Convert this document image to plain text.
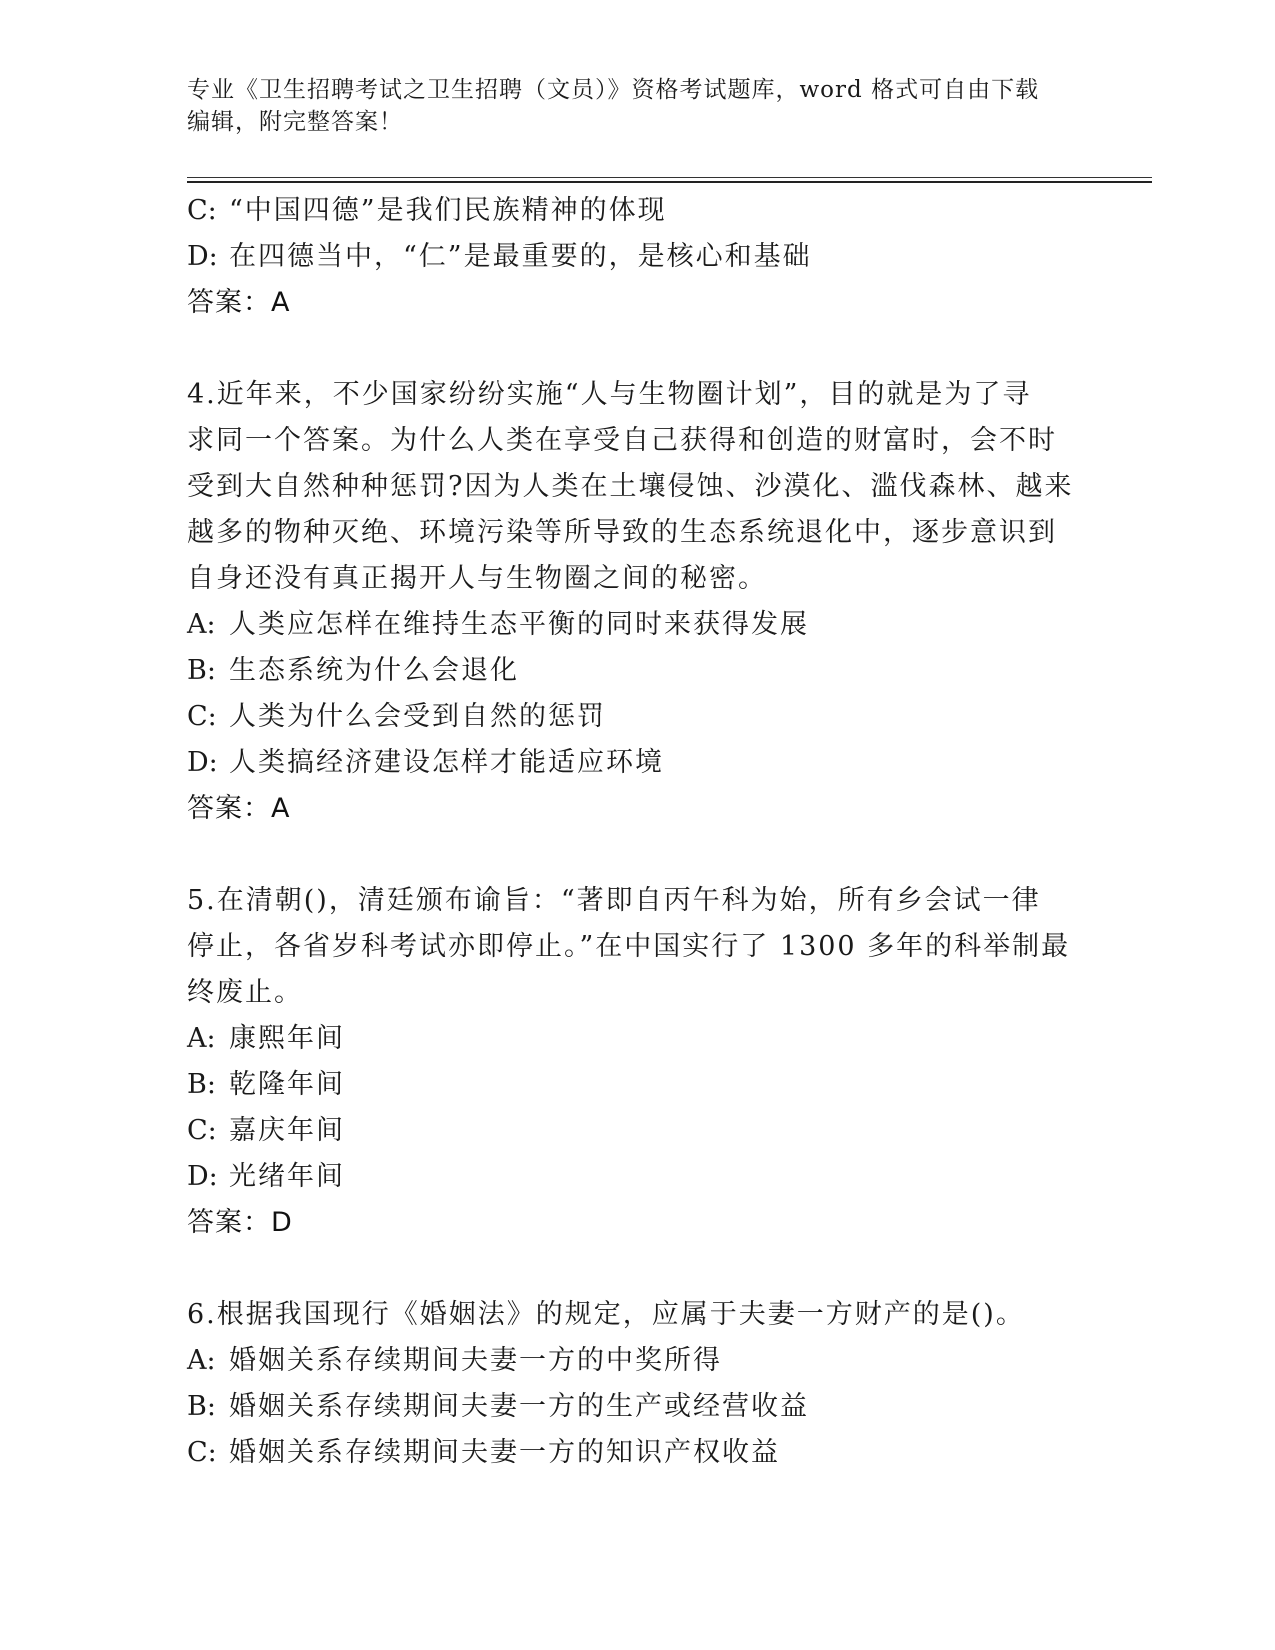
专业《卫生招聘考试之卫生招聘（文员）》资格考试题库，word 格式可自由下载
编辑，附完整答案！
C: “中国四德”是我们民族精神的体现
D: 在四德当中，“仁”是最重要的，是核心和基础
答案：A
4.近年来，不少国家纷纷实施“人与生物圈计划”，目的就是为了寻
求同一个答案。为什么人类在享受自己获得和创造的财富时，会不时
受到大自然种种惩罚?因为人类在土壤侵蚀、沙漠化、滥伐森林、越来
越多的物种灭绝、环境污染等所导致的生态系统退化中，逐步意识到
自身还没有真正揭开人与生物圈之间的秘密。
A: 人类应怎样在维持生态平衡的同时来获得发展
B: 生态系统为什么会退化
C: 人类为什么会受到自然的惩罚
D: 人类搞经济建设怎样才能适应环境
答案：A
5.在清朝()，清廷颁布谕旨：“著即自丙午科为始，所有乡会试一律
停止，各省岁科考试亦即停止。”在中国实行了 1300 多年的科举制最
终废止。
A: 康熙年间
B: 乾隆年间
C: 嘉庆年间
D: 光绪年间
答案：D
6.根据我国现行《婚姻法》的规定，应属于夫妻一方财产的是()。
A: 婚姻关系存续期间夫妻一方的中奖所得
B: 婚姻关系存续期间夫妻一方的生产或经营收益
C: 婚姻关系存续期间夫妻一方的知识产权收益
